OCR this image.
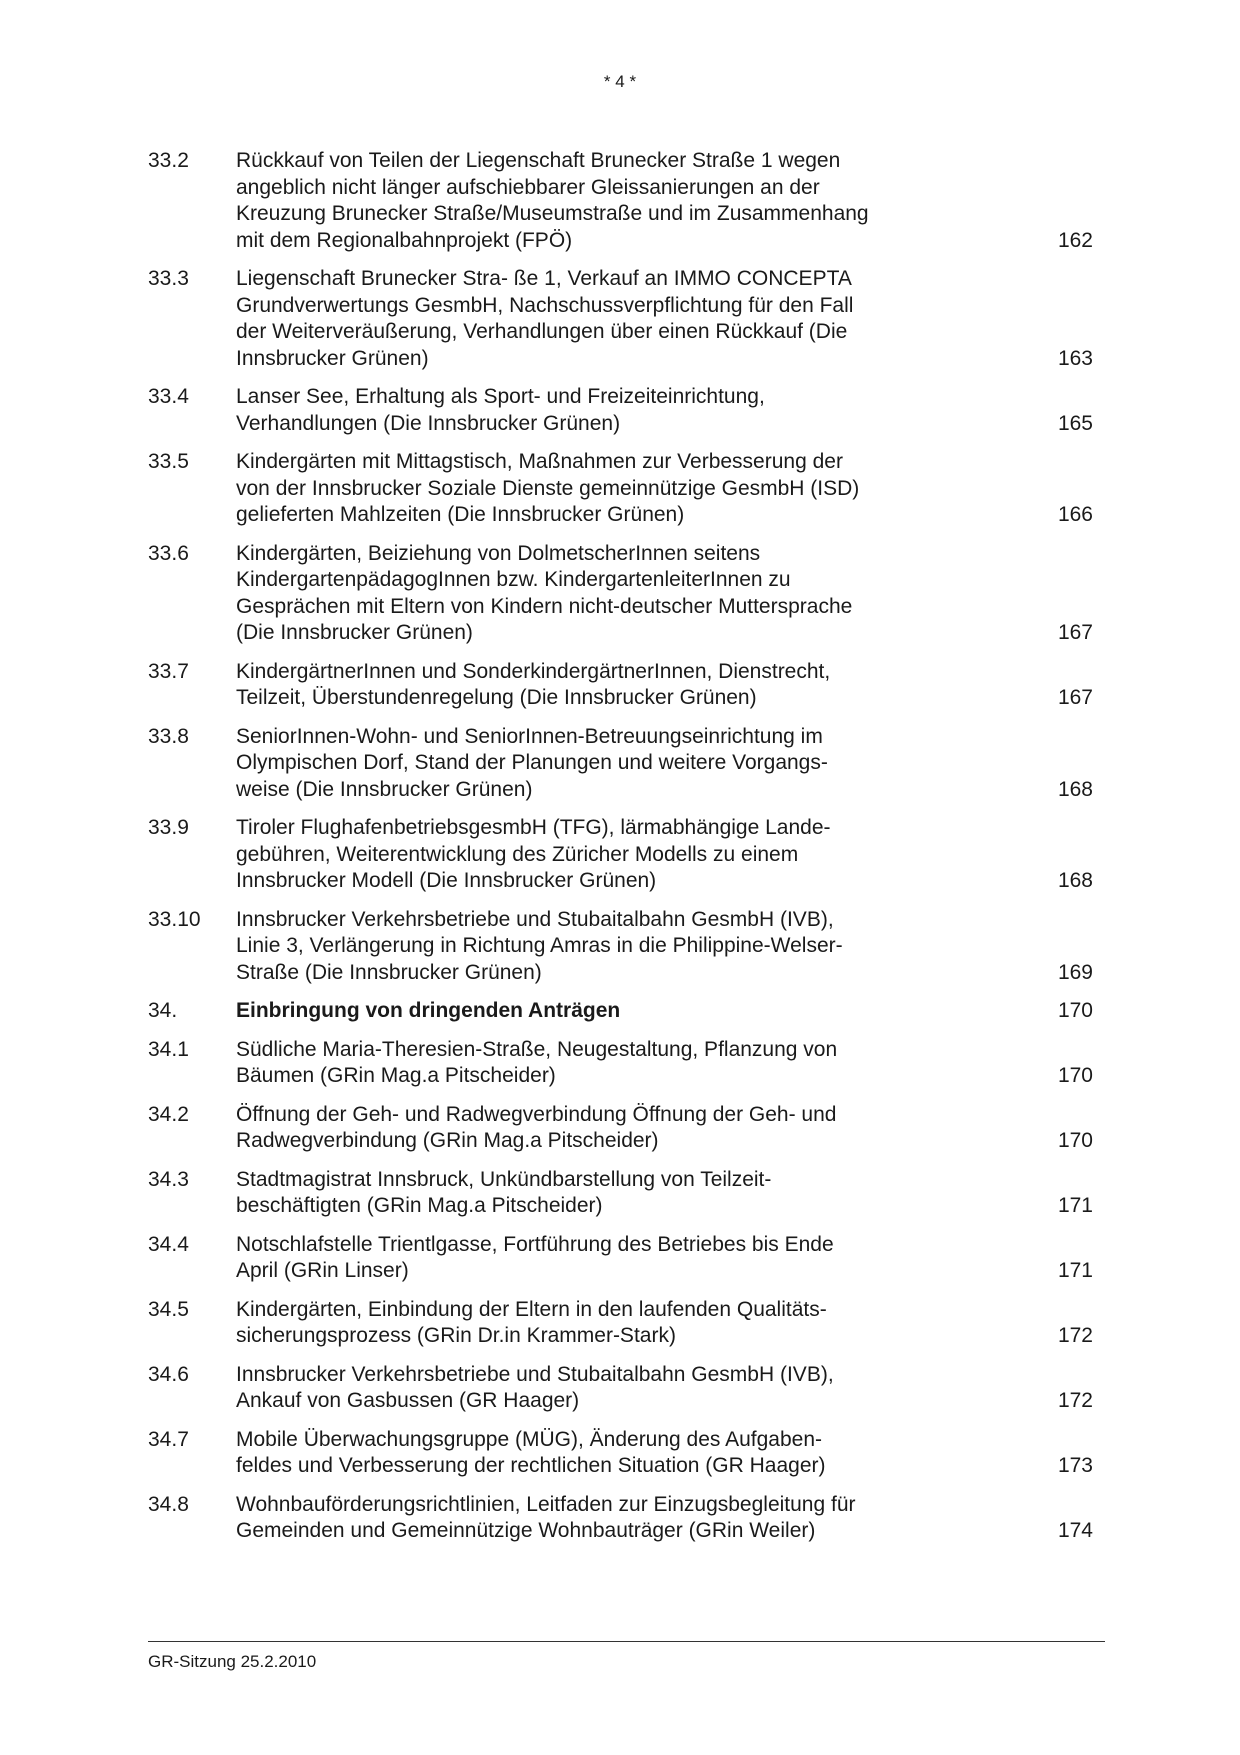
* 4 *
33.2	Rückkauf von Teilen der Liegenschaft Brunecker Straße 1 wegen
angeblich nicht länger aufschiebbarer Gleissanierungen an der
Kreuzung Brunecker Straße/Museumstraße und im Zusammenhang
mit dem Regionalbahnprojekt (FPÖ)	162
33.3	Liegenschaft Brunecker Stra- ße 1, Verkauf an IMMO CONCEPTA
Grundverwertungs GesmbH, Nachschussverpflichtung für den Fall
der Weiterveräußerung, Verhandlungen über einen Rückkauf (Die
Innsbrucker Grünen)	163
33.4	Lanser See, Erhaltung als Sport- und Freizeiteinrichtung,
Verhandlungen (Die Innsbrucker Grünen)	165
33.5	Kindergärten mit Mittagstisch, Maßnahmen zur Verbesserung der
von der Innsbrucker Soziale Dienste gemeinnützige GesmbH (ISD)
gelieferten Mahlzeiten (Die Innsbrucker Grünen)	166
33.6	Kindergärten, Beiziehung von DolmetscherInnen seitens
KindergartenpädagogInnen bzw. KindergartenleiterInnen zu
Gesprächen mit Eltern von Kindern nicht-deutscher Muttersprache
(Die Innsbrucker Grünen)	167
33.7	KindergärtnerInnen und SonderkindergärtnerInnen, Dienstrecht,
Teilzeit, Überstundenregelung (Die Innsbrucker Grünen)	167
33.8	SeniorInnen-Wohn- und SeniorInnen-Betreuungseinrichtung im
Olympischen Dorf, Stand der Planungen und weitere Vorgangs-
weise (Die Innsbrucker Grünen)	168
33.9	Tiroler FlughafenbetriebsgesmbH (TFG), lärmabhängige Lande-
gebühren, Weiterentwicklung des Züricher Modells zu einem
Innsbrucker Modell (Die Innsbrucker Grünen)	168
33.10	Innsbrucker Verkehrsbetriebe und Stubaitalbahn GesmbH (IVB),
Linie 3, Verlängerung in Richtung Amras in die Philippine-Welser-
Straße (Die Innsbrucker Grünen)	169
34.	Einbringung von dringenden Anträgen	170
34.1	Südliche Maria-Theresien-Straße, Neugestaltung, Pflanzung von
Bäumen (GRin Mag.a Pitscheider)	170
34.2	Öffnung der Geh- und Radwegverbindung Öffnung der Geh- und
Radwegverbindung (GRin Mag.a Pitscheider)	170
34.3	Stadtmagistrat Innsbruck, Unkündbarstellung von Teilzeit-
beschäftigten (GRin Mag.a Pitscheider)	171
34.4	Notschlafstelle Trientlgasse, Fortführung des Betriebes bis Ende
April (GRin Linser)	171
34.5	Kindergärten, Einbindung der Eltern in den laufenden Qualitäts-
sicherungsprozess (GRin Dr.in Krammer-Stark)	172
34.6	Innsbrucker Verkehrsbetriebe und Stubaitalbahn GesmbH (IVB),
Ankauf von Gasbussen (GR Haager)	172
34.7	Mobile Überwachungsgruppe (MÜG), Änderung des Aufgaben-
feldes und Verbesserung der rechtlichen Situation (GR Haager)	173
34.8	Wohnbauförderungsrichtlinien, Leitfaden zur Einzugsbegleitung für
Gemeinden und Gemeinnützige Wohnbauträger (GRin Weiler)	174
GR-Sitzung 25.2.2010
